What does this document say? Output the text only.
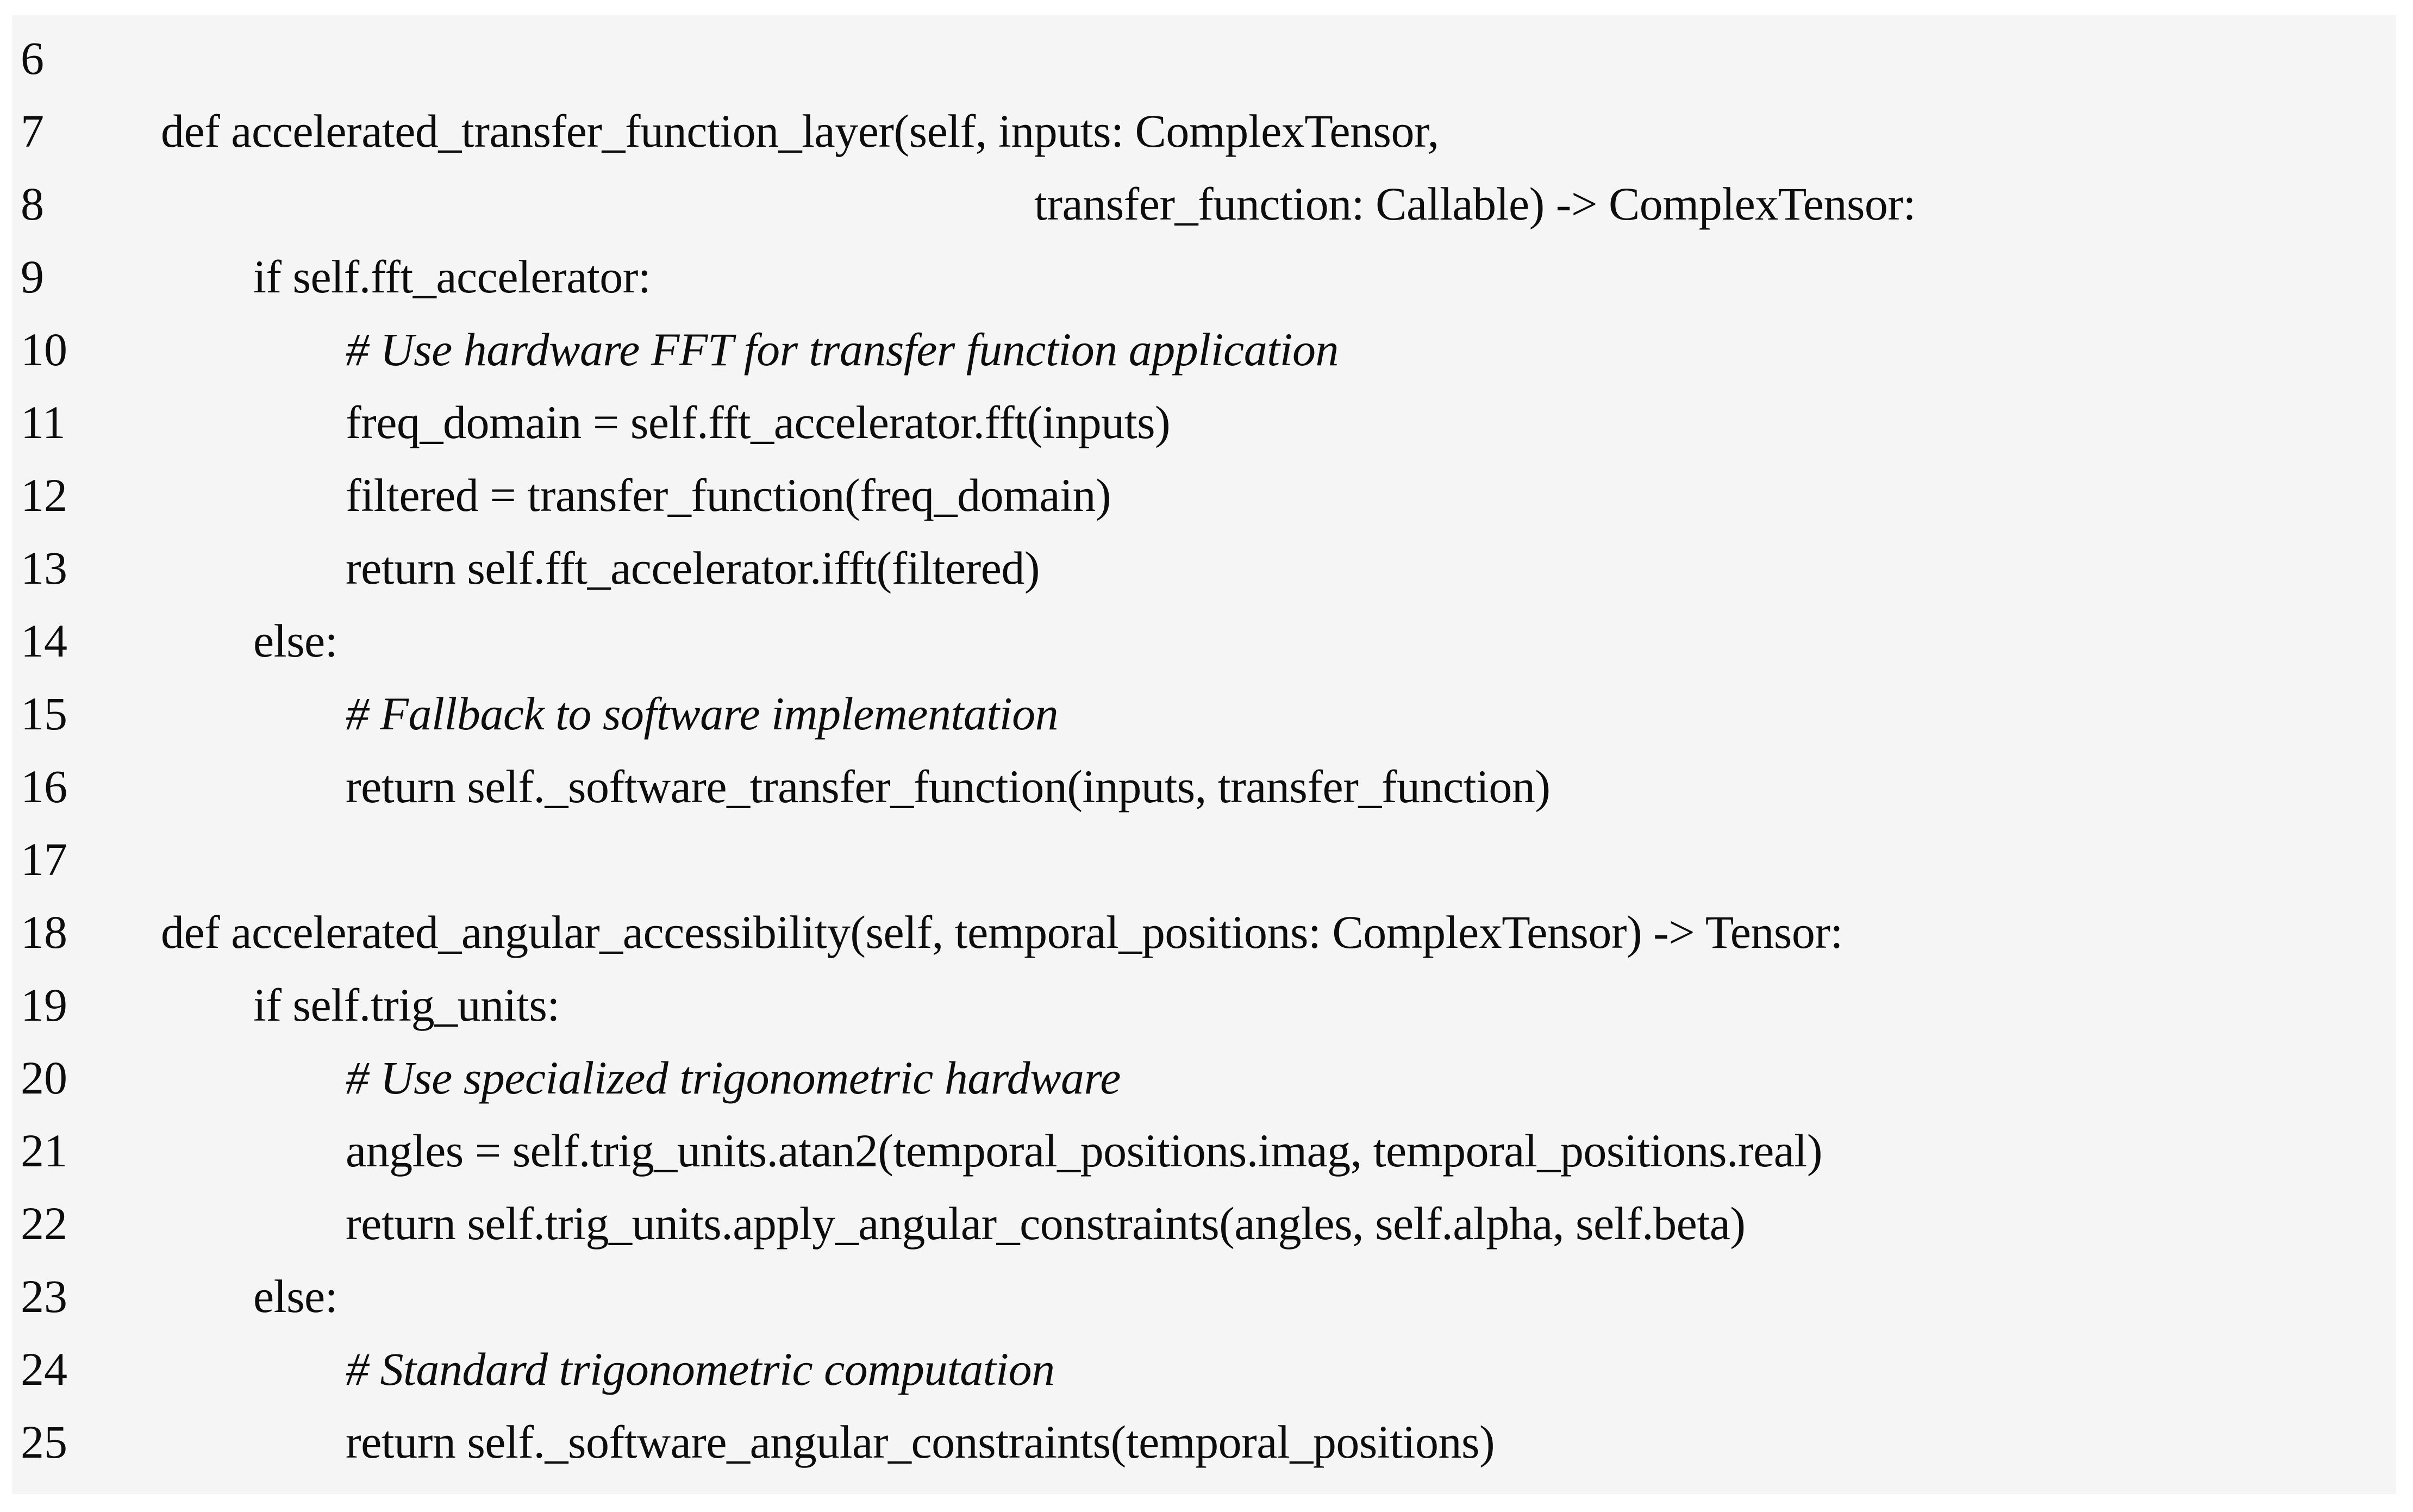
6
7	def accelerated_transfer_function_layer(self, inputs: ComplexTensor,
8	transfer_function: Callable) -> ComplexTensor:
9	if self.fft_accelerator:
10	# Use hardware FFT for transfer function application
11	freq_domain = self.fft_accelerator.fft(inputs)
12	filtered = transfer_function(freq_domain)
13	return self.fft_accelerator.ifft(filtered)
14	else:
15	# Fallback to software implementation
16	return self._software_transfer_function(inputs, transfer_function)
17
18	def accelerated_angular_accessibility(self, temporal_positions: ComplexTensor) -> Tensor:
19	if self.trig_units:
20	# Use specialized trigonometric hardware
21	angles = self.trig_units.atan2(temporal_positions.imag, temporal_positions.real)
22	return self.trig_units.apply_angular_constraints(angles, self.alpha, self.beta)
23	else:
24	# Standard trigonometric computation
25	return self._software_angular_constraints(temporal_positions)
